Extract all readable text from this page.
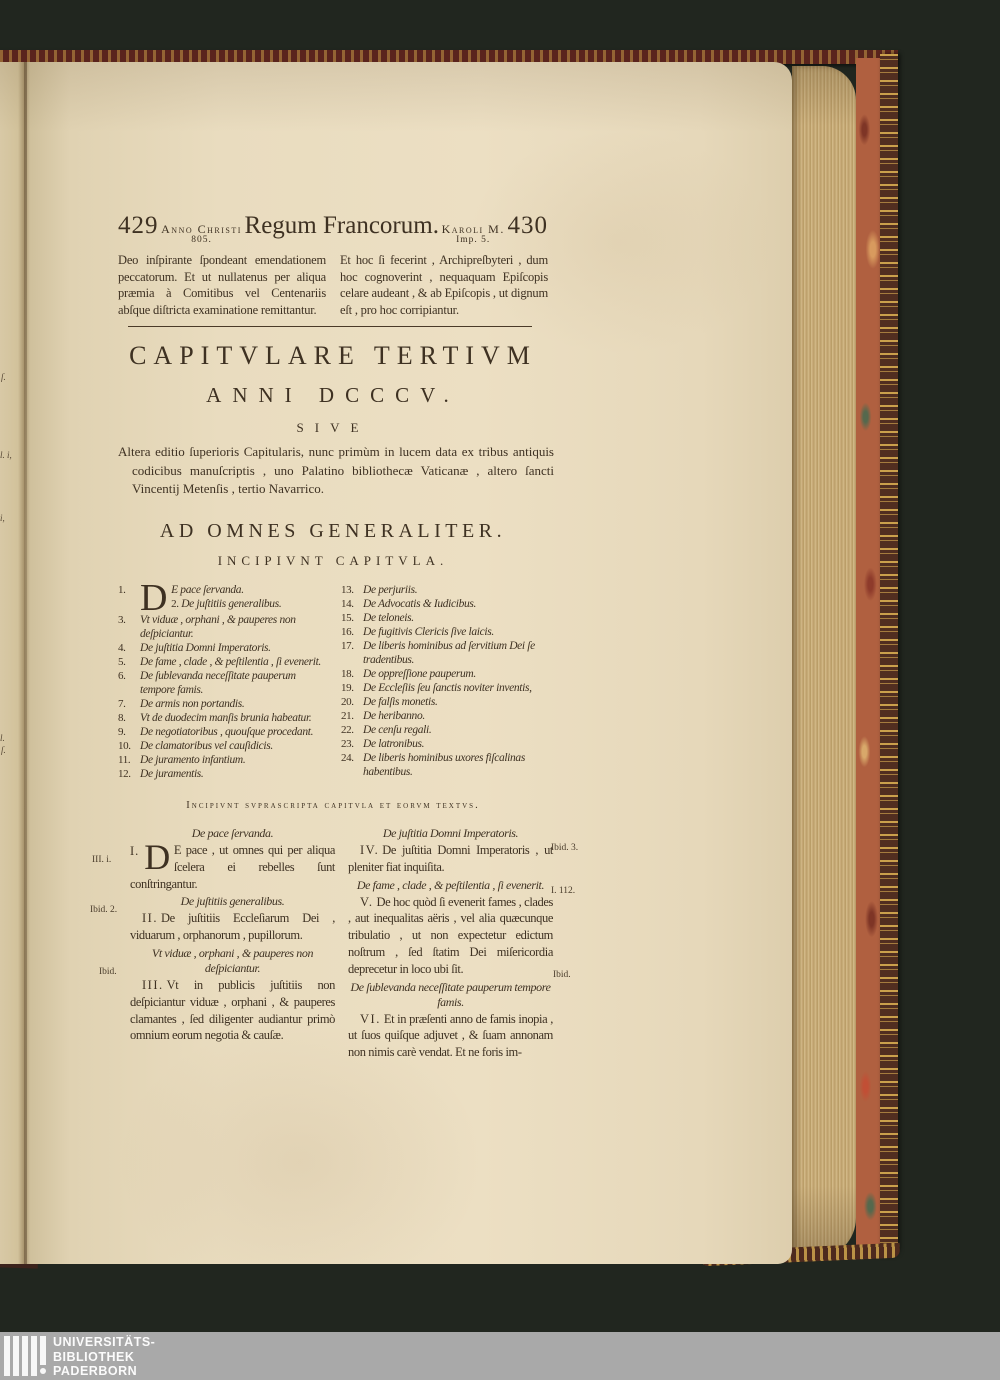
ſ.
l. i,
i,
l.
ſ.
429 Anno Christi
805.
Regum Francorum. Karoli M.
Imp. 5.
430
Deo inſpirante ſpondeant emendationem peccatorum. Et ut nullatenus per aliqua præmia à Comitibus vel Centenariis abſque diſtricta examinatione remittantur.
Et hoc ſi fecerint , Archipreſbyteri , dum hoc cognoverint , nequaquam Epiſcopis celare audeant , & ab Epiſcopis , ut dignum eſt , pro hoc corripiantur.
CAPITVLARE TERTIVM
ANNI DCCCV.
SIVE
Altera editio ſuperioris Capitularis, nunc primùm in lucem data ex tribus antiquis codicibus manuſcriptis , uno Palatino bibliothecæ Vaticanæ , altero ſancti Vincentij Metenſis , tertio Navarrico.
AD OMNES GENERALITER.
INCIPIVNT CAPITVLA.
1. D E pace ſervanda.
2. De juſtitiis generalibus.
3.	Vt viduæ , orphani , & pauperes non deſpiciantur.
4.	De juſtitia Domni Imperatoris.
5.	De fame , clade , & peſtilentia , ſi evenerit.
6.	De ſublevanda neceſſitate pauperum tempore famis.
7.	De armis non portandis.
8.	Vt de duodecim manſis brunia habeatur.
9.	De negotiatoribus , quouſque procedant.
10. De clamatoribus vel cauſidicis.
11. De juramento infantium.
12. De juramentis.
13. De perjuriis.
14. De Advocatis & Iudicibus.
15. De teloneis.
16. De fugitivis Clericis ſive laicis.
17. De liberis hominibus ad ſervitium Dei ſe tradentibus.
18. De oppreſſione pauperum.
19. De Eccleſiis ſeu ſanctis noviter inventis,
20. De falſis monetis.
21. De heribanno.
22. De cenſu regali.
23. De latronibus.
24. De liberis hominibus uxores fiſcalinas habentibus.
Incipivnt svprascripta capitvla et eorvm textvs.
De pace ſervanda.

I. D E pace , ut omnes qui per aliqua ſcelera ei rebelles ſunt conſtringantur.

De juſtitiis generalibus.

II. De juſtitiis Eccleſiarum Dei , viduarum , orphanorum , pupillorum.

Vt viduæ , orphani , & pauperes non deſpiciantur.

III. Vt in publicis juſtitiis non deſpiciantur viduæ , orphani , & pauperes clamantes , ſed diligenter audiantur primò omnium eorum negotia & cauſæ.

De juſtitia Domni Imperatoris.

IV. De juſtitia Domni Imperatoris , ut pleniter fiat inquiſita.

De fame , clade , & peſtilentia , ſi evenerit.

V. De hoc quòd ſi evenerit fames , clades , aut inequalitas aëris , vel alia quæcunque tribulatio , ut non expectetur edictum noſtrum , ſed ſtatim Dei miſericordia deprecetur in loco ubi ſit.

De ſublevanda neceſſitate pauperum tempore famis.

VI. Et in præſenti anno de famis inopia , ut ſuos quiſque adjuvet , & ſuam annonam non nimis carè vendat. Et ne foris im-

III. i.
Ibid. 2.
Ibid.
Ibid. 3.
I. 112.
Ibid.
UNIVERSITÄTS-
BIBLIOTHEK
PADERBORN
